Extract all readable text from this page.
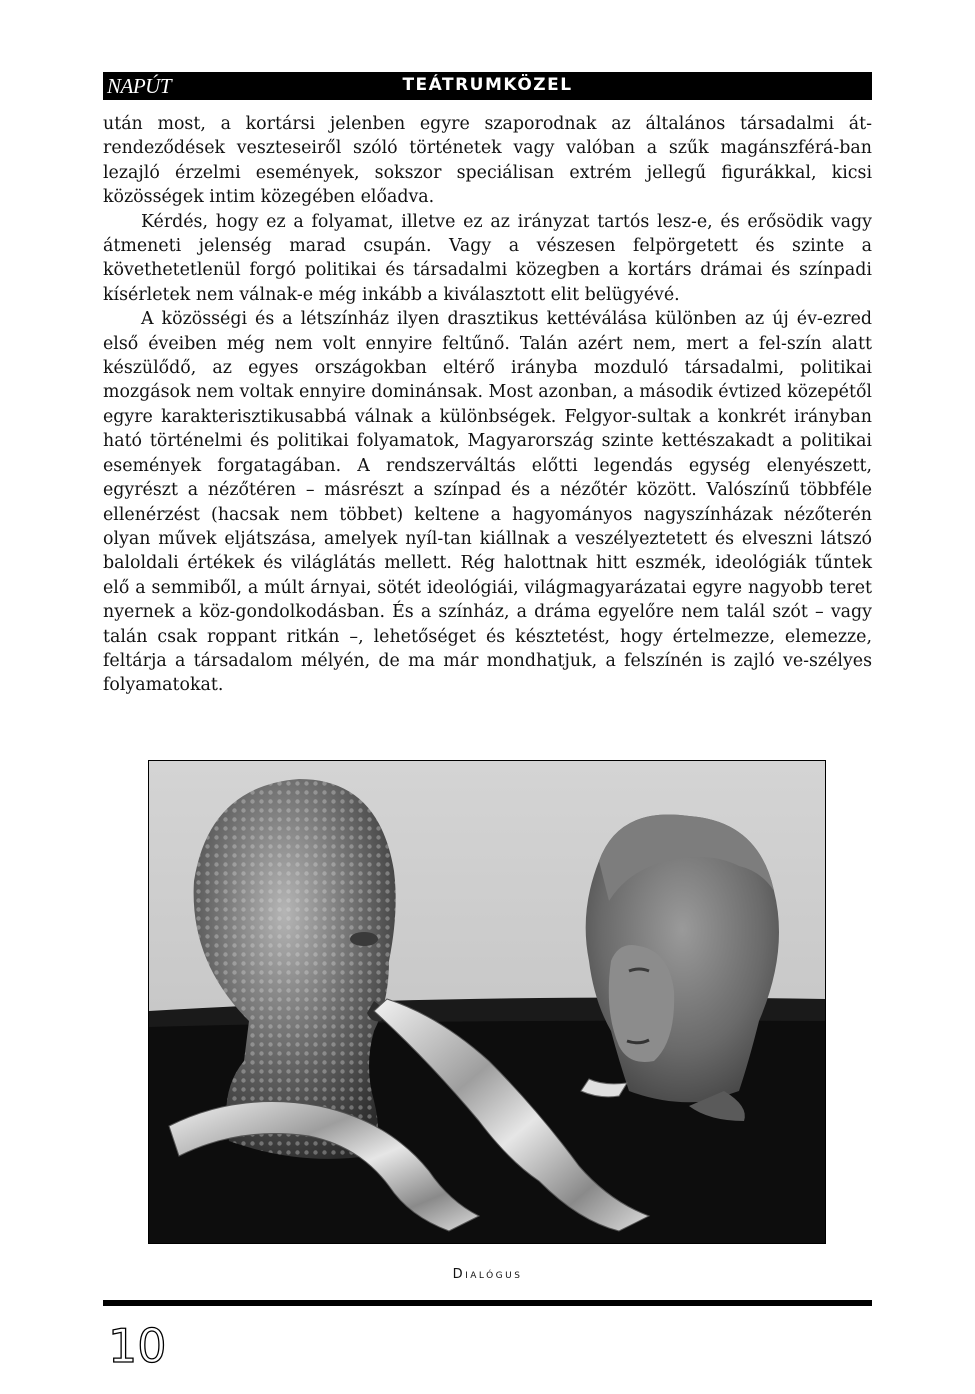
NAPÚT	TEÁTRUMKÖZEL

után most, a kortársi jelenben egyre szaporodnak az általános társadalmi át-rendeződések veszteseiről szóló történetek vagy valóban a szűk magánszférá-ban lezajló érzelmi események, sokszor speciálisan extrém jellegű figurákkal, kicsi közösségek intim közegében előadva.

Kérdés, hogy ez a folyamat, illetve ez az irányzat tartós lesz-e, és erősödik vagy átmeneti jelenség marad csupán. Vagy a vészesen felpörgetett és szinte a követhetetlenül forgó politikai és társadalmi közegben a kortárs drámai és színpadi kísérletek nem válnak-e még inkább a kiválasztott elit belügyévé.

A közösségi és a létszínház ilyen drasztikus kettéválása különben az új év-ezred első éveiben még nem volt ennyire feltűnő. Talán azért nem, mert a fel-szín alatt készülődő, az egyes országokban eltérő irányba mozduló társadalmi, politikai mozgások nem voltak ennyire dominánsak. Most azonban, a második évtized közepétől egyre karakterisztikusabbá válnak a különbségek. Felgyor-sultak a konkrét irányban ható történelmi és politikai folyamatok, Magyarország szinte kettészakadt a politikai események forgatagában. A rendszerváltás előtti legendás egység elenyészett, egyrészt a nézőtéren – másrészt a színpad és a nézőtér között. Valószínű többféle ellenérzést (hacsak nem többet) keltene a hagyományos nagyszínházak nézőterén olyan művek eljátszása, amelyek nyíl-tan kiállnak a veszélyeztetett és elveszni látszó baloldali értékek és világlátás mellett. Rég halottnak hitt eszmék, ideológiák tűntek elő a semmiből, a múlt árnyai, sötét ideológiái, világmagyarázatai egyre nagyobb teret nyernek a köz-gondolkodásban. És a színház, a dráma egyelőre nem talál szót – vagy talán csak roppant ritkán –, lehetőséget és késztetést, hogy értelmezze, elemezze, feltárja a társadalom mélyén, de ma már mondhatjuk, a felszínén is zajló ve-szélyes folyamatokat.

Dialógus
10
